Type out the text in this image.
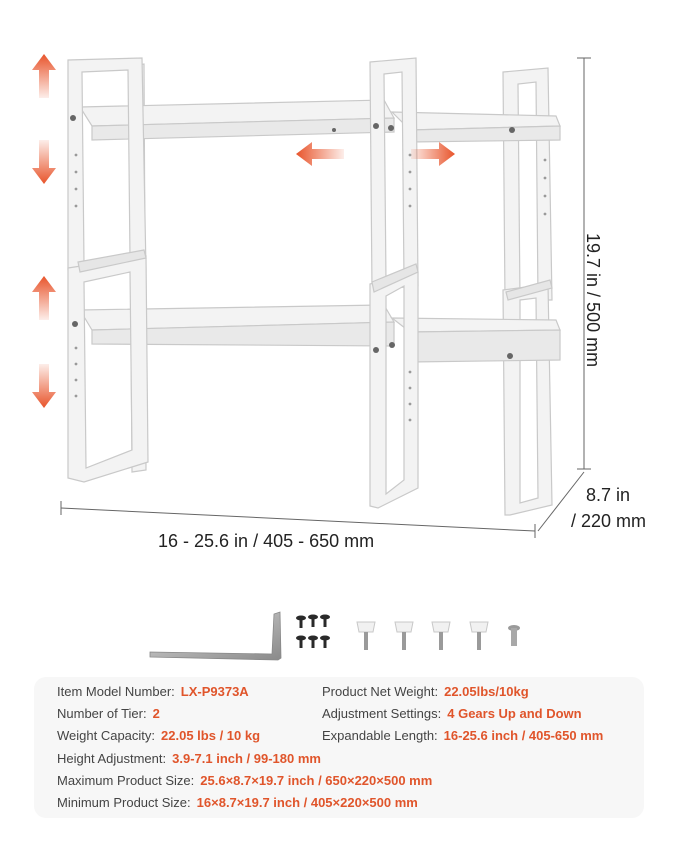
16 - 25.6 in / 405 - 650 mm
19.7 in / 500 mm
8.7 in
/ 220 mm
Item Model Number: LX-P9373A	Product Net Weight: 22.05lbs/10kg
Number of Tier: 2	Adjustment Settings: 4 Gears Up and Down
Weight Capacity: 22.05 lbs / 10 kg	Expandable Length: 16-25.6 inch / 405-650 mm
Height Adjustment: 3.9-7.1 inch / 99-180 mm
Maximum Product Size: 25.6×8.7×19.7 inch / 650×220×500 mm
Minimum Product Size: 16×8.7×19.7 inch / 405×220×500 mm
